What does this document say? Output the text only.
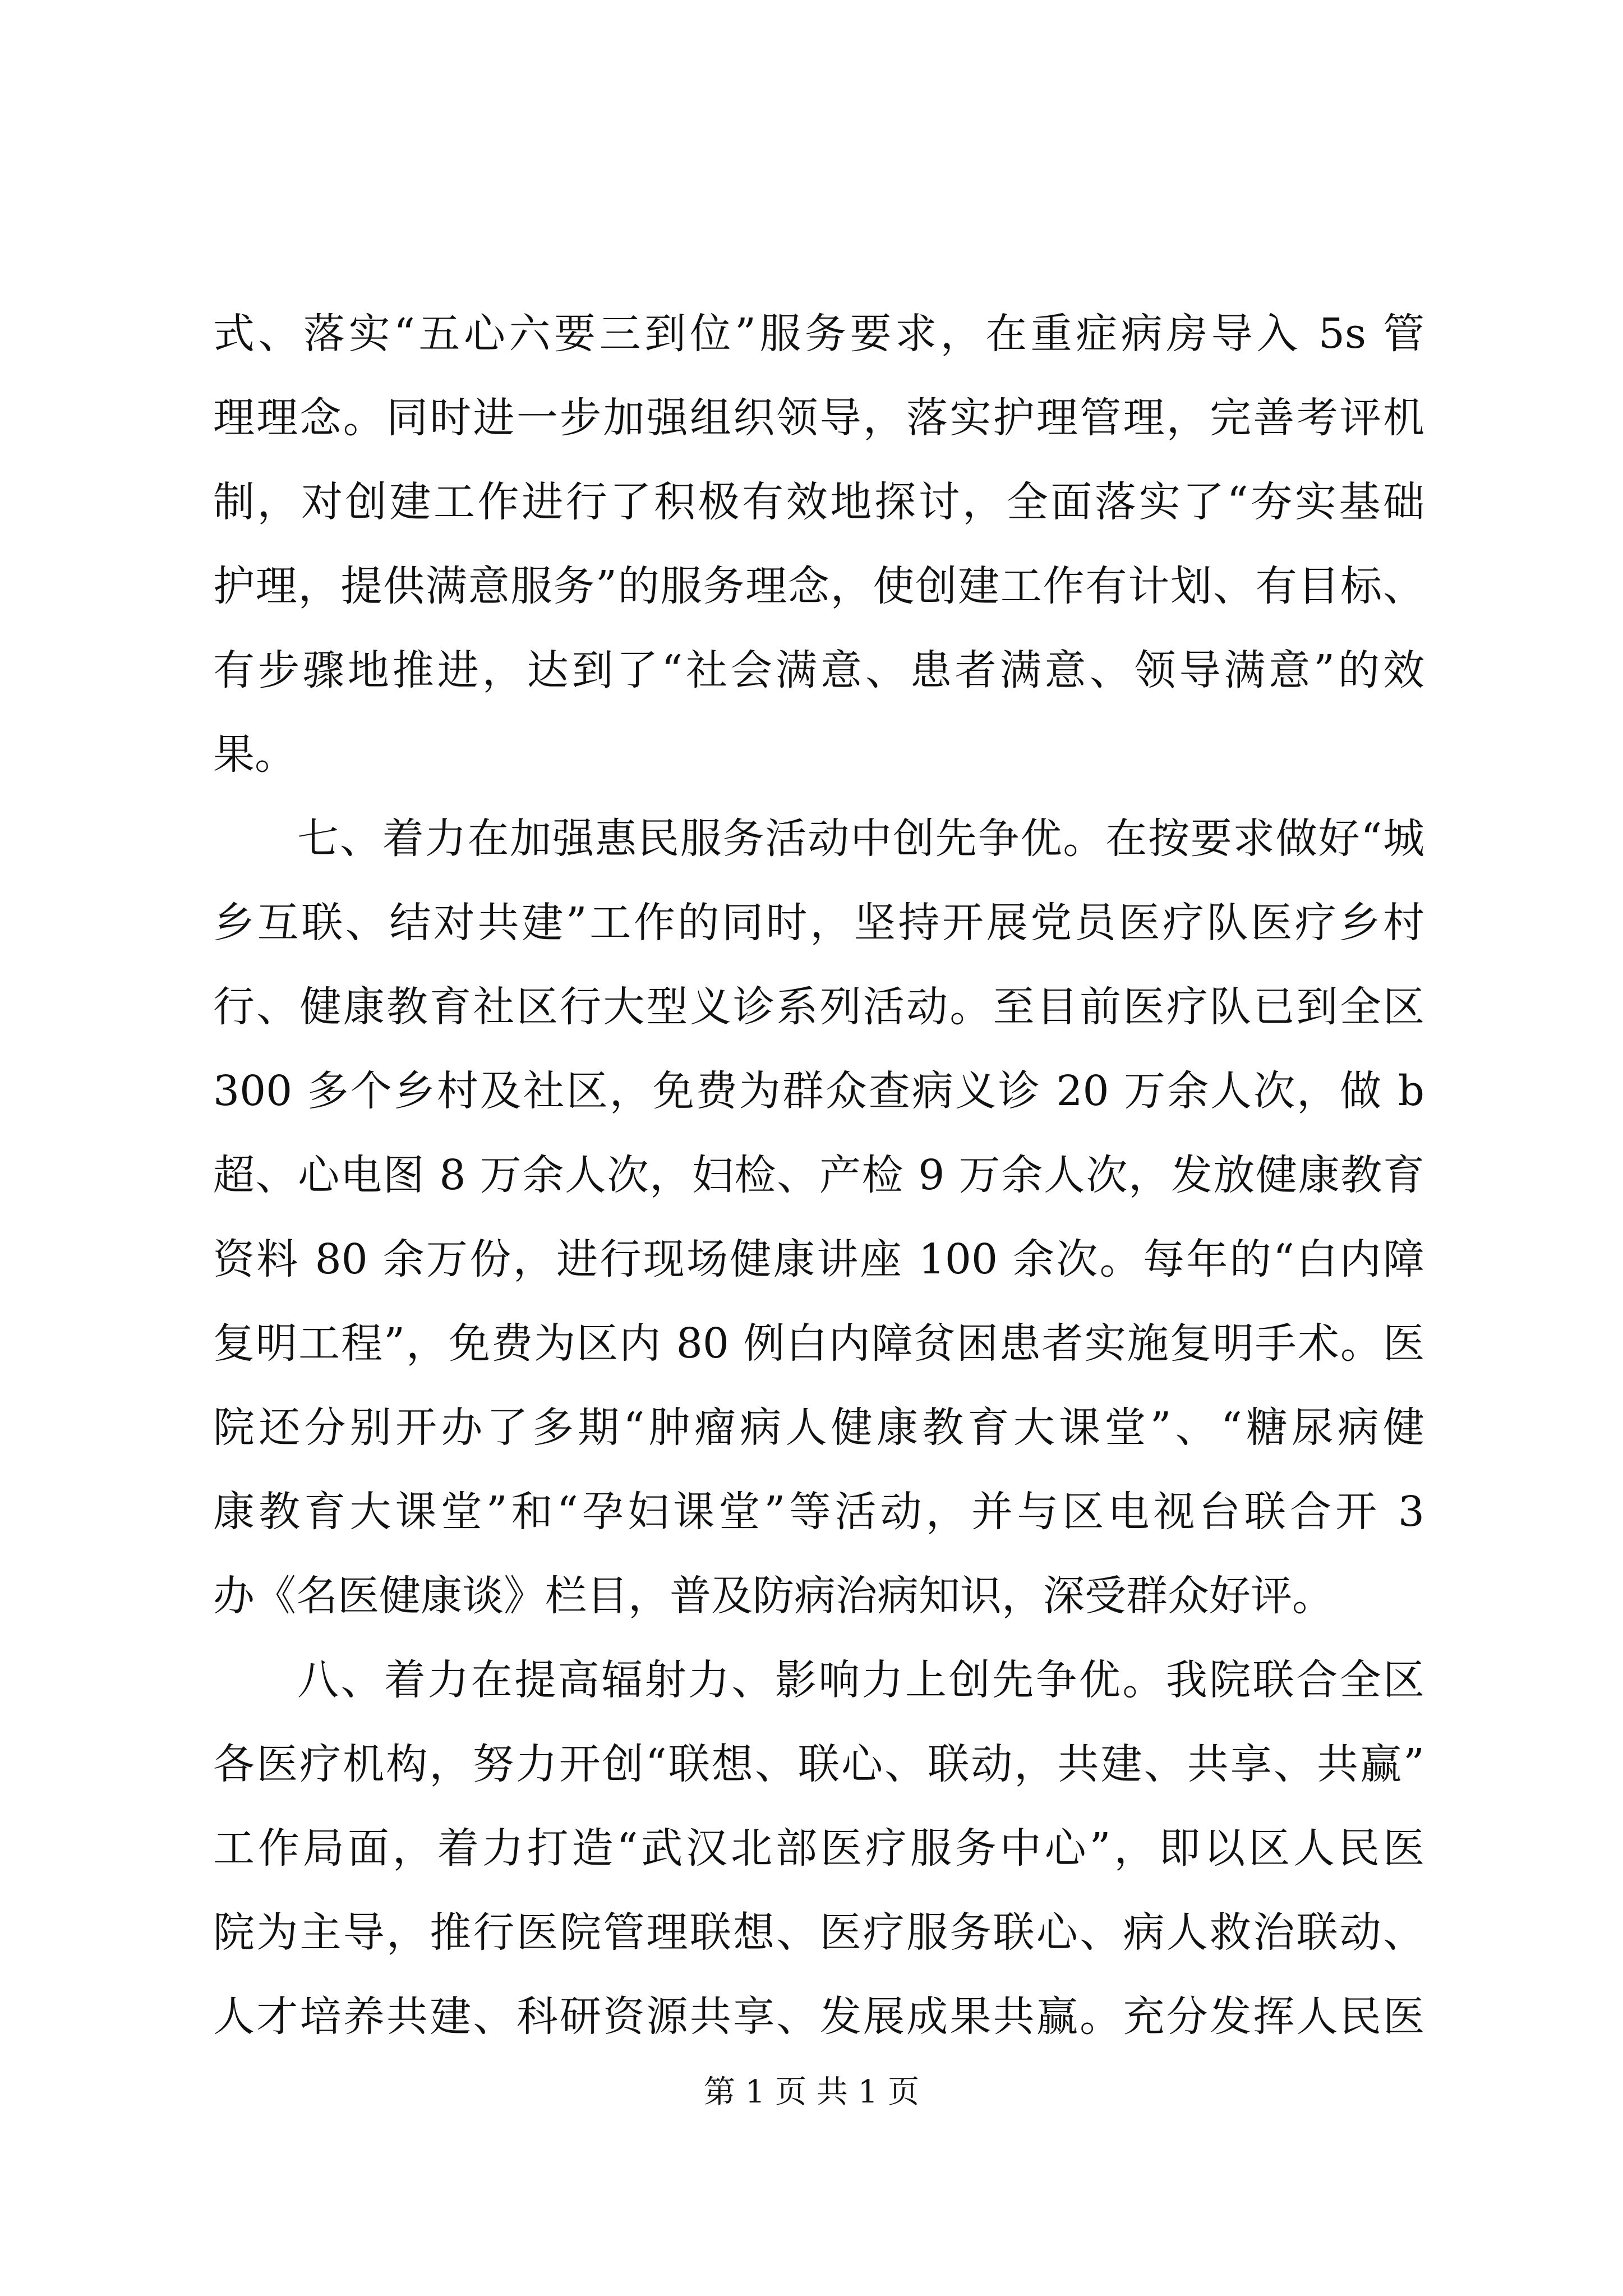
式、落实“五心六要三到位”服务要求，在重症病房导入 5s 管
理理念。同时进一步加强组织领导，落实护理管理，完善考评机
制，对创建工作进行了积极有效地探讨，全面落实了“夯实基础
护理，提供满意服务”的服务理念，使创建工作有计划、有目标、
有步骤地推进，达到了“社会满意、患者满意、领导满意”的效
果。
七、着力在加强惠民服务活动中创先争优。在按要求做好“城
乡互联、结对共建”工作的同时，坚持开展党员医疗队医疗乡村
行、健康教育社区行大型义诊系列活动。至目前医疗队已到全区
300 多个乡村及社区，免费为群众查病义诊 20 万余人次，做 b
超、心电图 8 万余人次，妇检、产检 9 万余人次，发放健康教育
资料 80 余万份，进行现场健康讲座 100 余次。每年的“白内障
复明工程”，免费为区内 80 例白内障贫困患者实施复明手术。医
院还分别开办了多期“肿瘤病人健康教育大课堂”、“糖尿病健
康教育大课堂”和“孕妇课堂”等活动，并与区电视台联合开 3
办《名医健康谈》栏目，普及防病治病知识，深受群众好评。
八、着力在提高辐射力、影响力上创先争优。我院联合全区
各医疗机构，努力开创“联想、联心、联动，共建、共享、共赢”
工作局面，着力打造“武汉北部医疗服务中心”，即以区人民医
院为主导，推行医院管理联想、医疗服务联心、病人救治联动、
人才培养共建、科研资源共享、发展成果共赢。充分发挥人民医
第 1 页 共 1 页
